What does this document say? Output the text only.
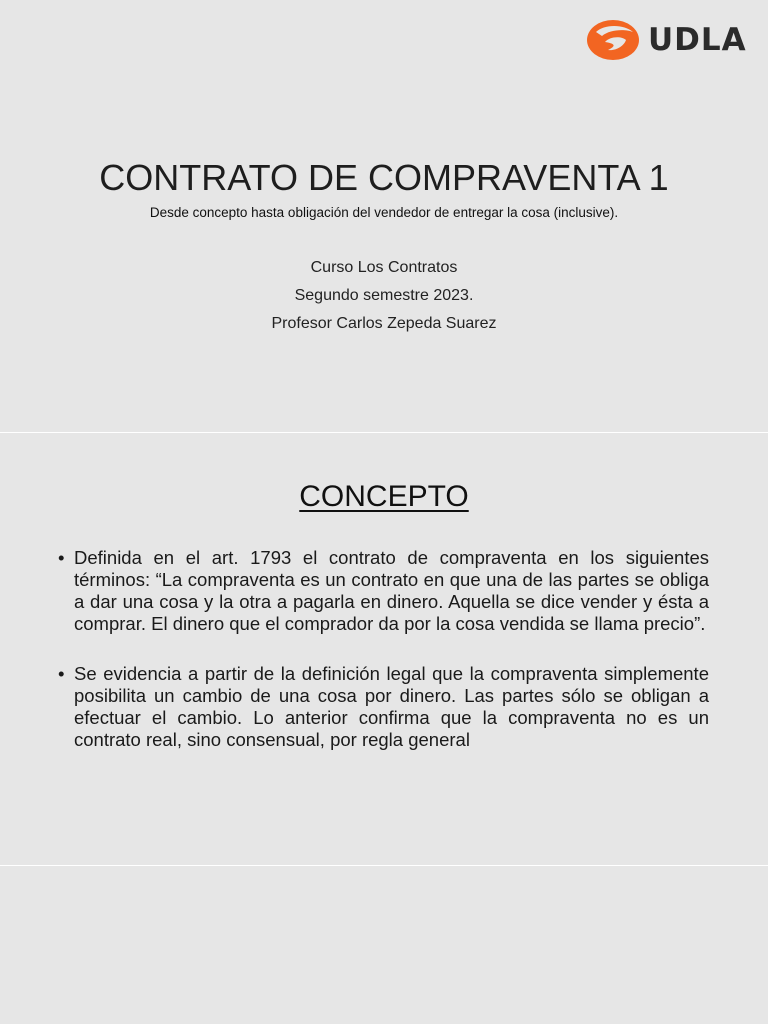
UDLA
CONTRATO DE COMPRAVENTA 1
Desde concepto hasta obligación del vendedor de entregar la cosa (inclusive).
Curso Los Contratos
Segundo semestre 2023.
Profesor Carlos Zepeda Suarez
CONCEPTO
• Definida en el art. 1793 el contrato de compraventa en los siguientes términos: “La compraventa es un contrato en que una de las partes se obliga a dar una cosa y la otra a pagarla en dinero. Aquella se dice vender y ésta a comprar. El dinero que el comprador da por la cosa vendida se llama precio”.
• Se evidencia a partir de la definición legal que la compraventa simplemente posibilita un cambio de una cosa por dinero. Las partes sólo se obligan a efectuar el cambio. Lo anterior confirma que la compraventa no es un contrato real, sino consensual, por regla general
